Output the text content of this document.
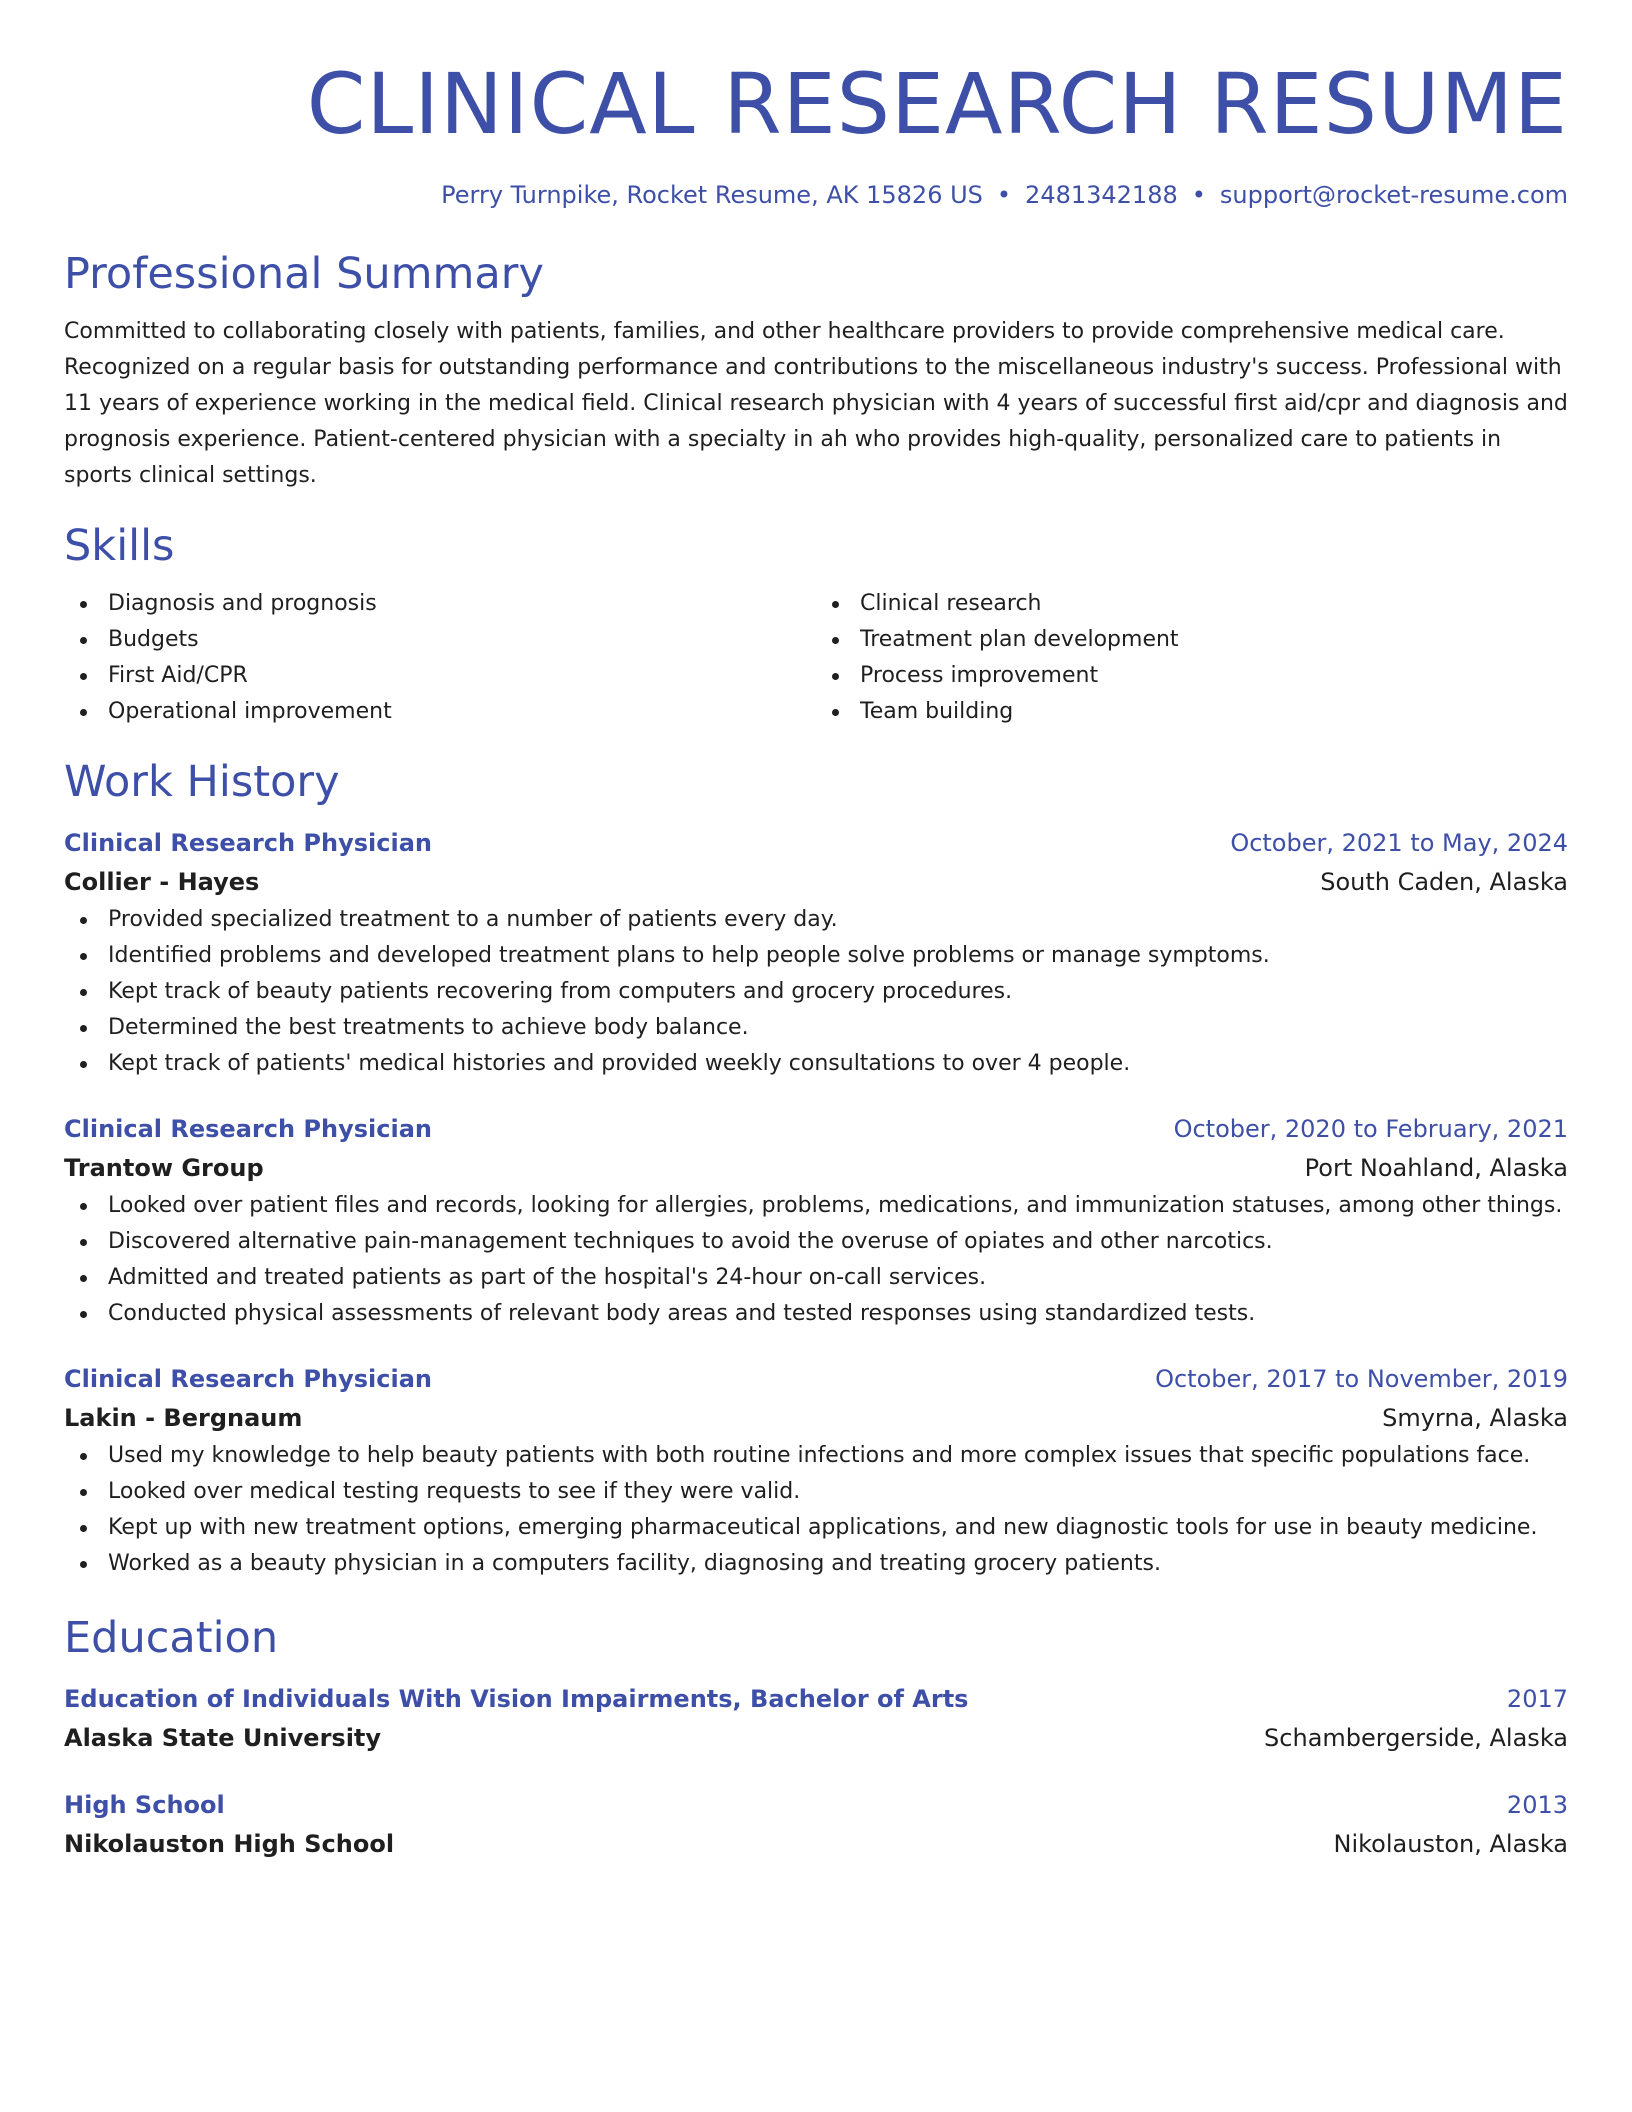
CLINICAL RESEARCH RESUME
Perry Turnpike, Rocket Resume, AK 15826 US • 2481342188 • support@rocket-resume.com
Professional Summary

Committed to collaborating closely with patients, families, and other healthcare providers to provide comprehensive medical care. Recognized on a regular basis for outstanding performance and contributions to the miscellaneous industry's success. Professional with 11 years of experience working in the medical field. Clinical research physician with 4 years of successful first aid/cpr and diagnosis and prognosis experience. Patient-centered physician with a specialty in ah who provides high-quality, personalized care to patients in sports clinical settings.

Skills
Diagnosis and prognosis
Budgets
First Aid/CPR
Operational improvement
Clinical research
Treatment plan development
Process improvement
Team building
Work History
Clinical Research Physician	October, 2021 to May, 2024
Collier - Hayes	South Caden, Alaska
Provided specialized treatment to a number of patients every day.
Identified problems and developed treatment plans to help people solve problems or manage symptoms.
Kept track of beauty patients recovering from computers and grocery procedures.
Determined the best treatments to achieve body balance.
Kept track of patients' medical histories and provided weekly consultations to over 4 people.
Clinical Research Physician	October, 2020 to February, 2021
Trantow Group	Port Noahland, Alaska
Looked over patient files and records, looking for allergies, problems, medications, and immunization statuses, among other things.
Discovered alternative pain-management techniques to avoid the overuse of opiates and other narcotics.
Admitted and treated patients as part of the hospital's 24-hour on-call services.
Conducted physical assessments of relevant body areas and tested responses using standardized tests.
Clinical Research Physician	October, 2017 to November, 2019
Lakin - Bergnaum	Smyrna, Alaska
Used my knowledge to help beauty patients with both routine infections and more complex issues that specific populations face.
Looked over medical testing requests to see if they were valid.
Kept up with new treatment options, emerging pharmaceutical applications, and new diagnostic tools for use in beauty medicine.
Worked as a beauty physician in a computers facility, diagnosing and treating grocery patients.
Education
Education of Individuals With Vision Impairments, Bachelor of Arts	2017
Alaska State University	Schambergerside, Alaska
High School	2013
Nikolauston High School	Nikolauston, Alaska
